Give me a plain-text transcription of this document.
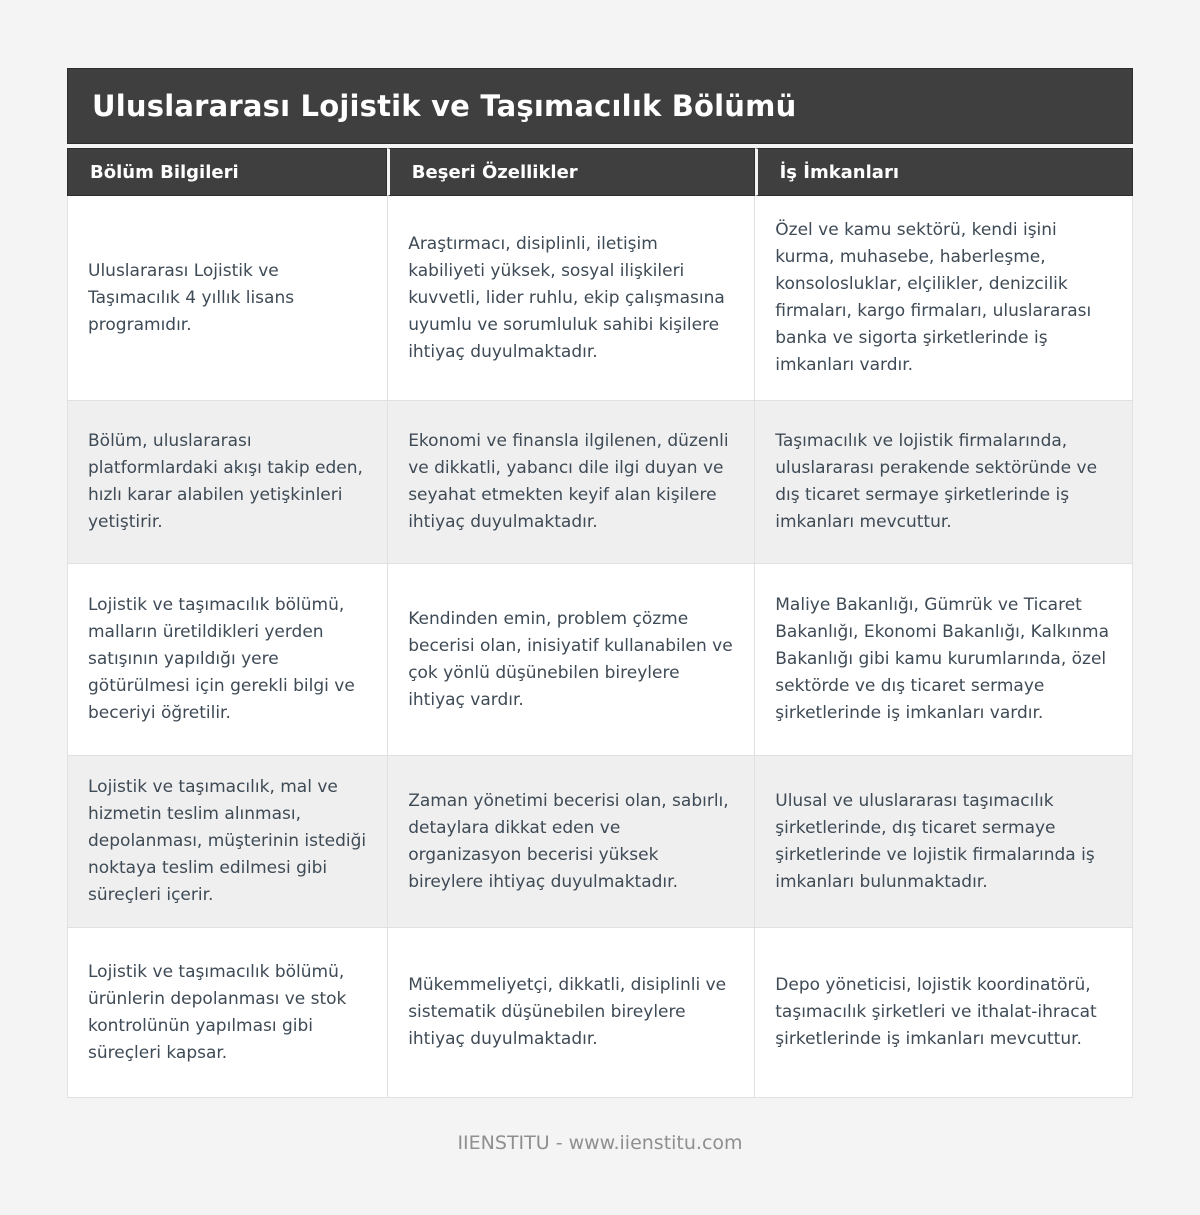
Uluslararası Lojistik ve Taşımacılık Bölümü
Bölüm Bilgileri	Beşeri Özellikler	İş İmkanları
Uluslararası Lojistik ve Taşımacılık 4 yıllık lisans programıdır.
Araştırmacı, disiplinli, iletişim kabiliyeti yüksek, sosyal ilişkileri kuvvetli, lider ruhlu, ekip çalışmasına uyumlu ve sorumluluk sahibi kişilere ihtiyaç duyulmaktadır.
Özel ve kamu sektörü, kendi işini kurma, muhasebe, haberleşme, konsolosluklar, elçilikler, denizcilik firmaları, kargo firmaları, uluslararası banka ve sigorta şirketlerinde iş imkanları vardır.
Bölüm, uluslararası platformlardaki akışı takip eden, hızlı karar alabilen yetişkinleri yetiştirir.
Ekonomi ve finansla ilgilenen, düzenli ve dikkatli, yabancı dile ilgi duyan ve seyahat etmekten keyif alan kişilere ihtiyaç duyulmaktadır.
Taşımacılık ve lojistik firmalarında, uluslararası perakende sektöründe ve dış ticaret sermaye şirketlerinde iş imkanları mevcuttur.
Lojistik ve taşımacılık bölümü, malların üretildikleri yerden satışının yapıldığı yere götürülmesi için gerekli bilgi ve beceriyi öğretilir.
Kendinden emin, problem çözme becerisi olan, inisiyatif kullanabilen ve çok yönlü düşünebilen bireylere ihtiyaç vardır.
Maliye Bakanlığı, Gümrük ve Ticaret Bakanlığı, Ekonomi Bakanlığı, Kalkınma Bakanlığı gibi kamu kurumlarında, özel sektörde ve dış ticaret sermaye şirketlerinde iş imkanları vardır.
Lojistik ve taşımacılık, mal ve hizmetin teslim alınması, depolanması, müşterinin istediği noktaya teslim edilmesi gibi süreçleri içerir.
Zaman yönetimi becerisi olan, sabırlı, detaylara dikkat eden ve organizasyon becerisi yüksek bireylere ihtiyaç duyulmaktadır.
Ulusal ve uluslararası taşımacılık şirketlerinde, dış ticaret sermaye şirketlerinde ve lojistik firmalarında iş imkanları bulunmaktadır.
Lojistik ve taşımacılık bölümü, ürünlerin depolanması ve stok kontrolünün yapılması gibi süreçleri kapsar.
Mükemmeliyetçi, dikkatli, disiplinli ve sistematik düşünebilen bireylere ihtiyaç duyulmaktadır.
Depo yöneticisi, lojistik koordinatörü, taşımacılık şirketleri ve ithalat-ihracat şirketlerinde iş imkanları mevcuttur.
IIENSTITU - www.iienstitu.com
